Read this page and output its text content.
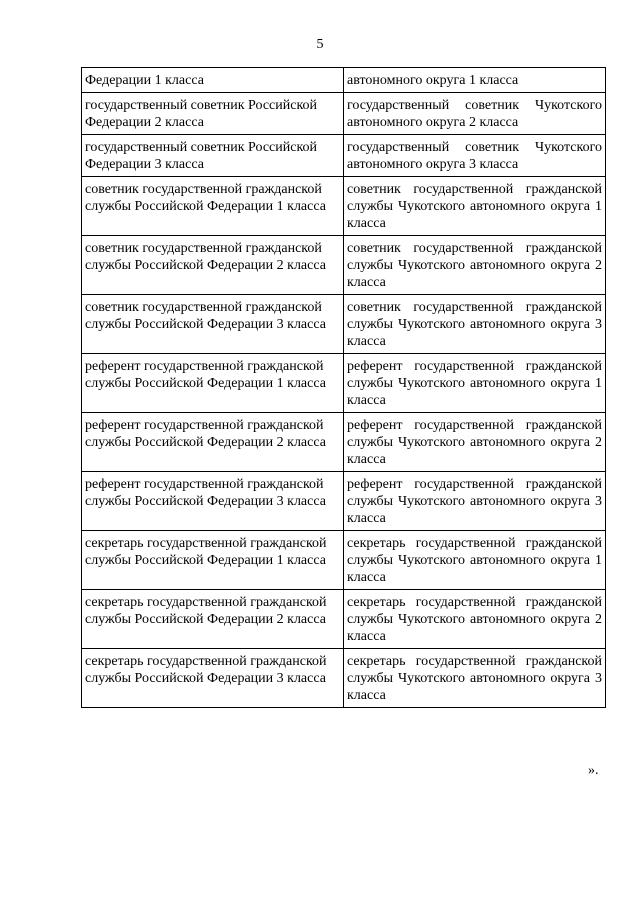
5
Федерации 1 класса	автономного округа 1 класса
государственный советник Российской Федерации 2 класса	государственный советник Чукотского автономного округа 2 класса
государственный советник Российской Федерации 3 класса	государственный советник Чукотского автономного округа 3 класса
советник государственной гражданской службы Российской Федерации 1 класса	советник государственной гражданской службы Чукотского автономного округа 1 класса
советник государственной гражданской службы Российской Федерации 2 класса	советник государственной гражданской службы Чукотского автономного округа 2 класса
советник государственной гражданской службы Российской Федерации 3 класса	советник государственной гражданской службы Чукотского автономного округа 3 класса
референт государственной гражданской службы Российской Федерации 1 класса	референт государственной гражданской службы Чукотского автономного округа 1 класса
референт государственной гражданской службы Российской Федерации 2 класса	референт государственной гражданской службы Чукотского автономного округа 2 класса
референт государственной гражданской службы Российской Федерации 3 класса	референт государственной гражданской службы Чукотского автономного округа 3 класса
секретарь государственной гражданской службы Российской Федерации 1 класса	секретарь государственной гражданской службы Чукотского автономного округа 1 класса
секретарь государственной гражданской службы Российской Федерации 2 класса	секретарь государственной гражданской службы Чукотского автономного округа 2 класса
секретарь государственной гражданской службы Российской Федерации 3 класса	секретарь государственной гражданской службы Чукотского автономного округа 3 класса
».
